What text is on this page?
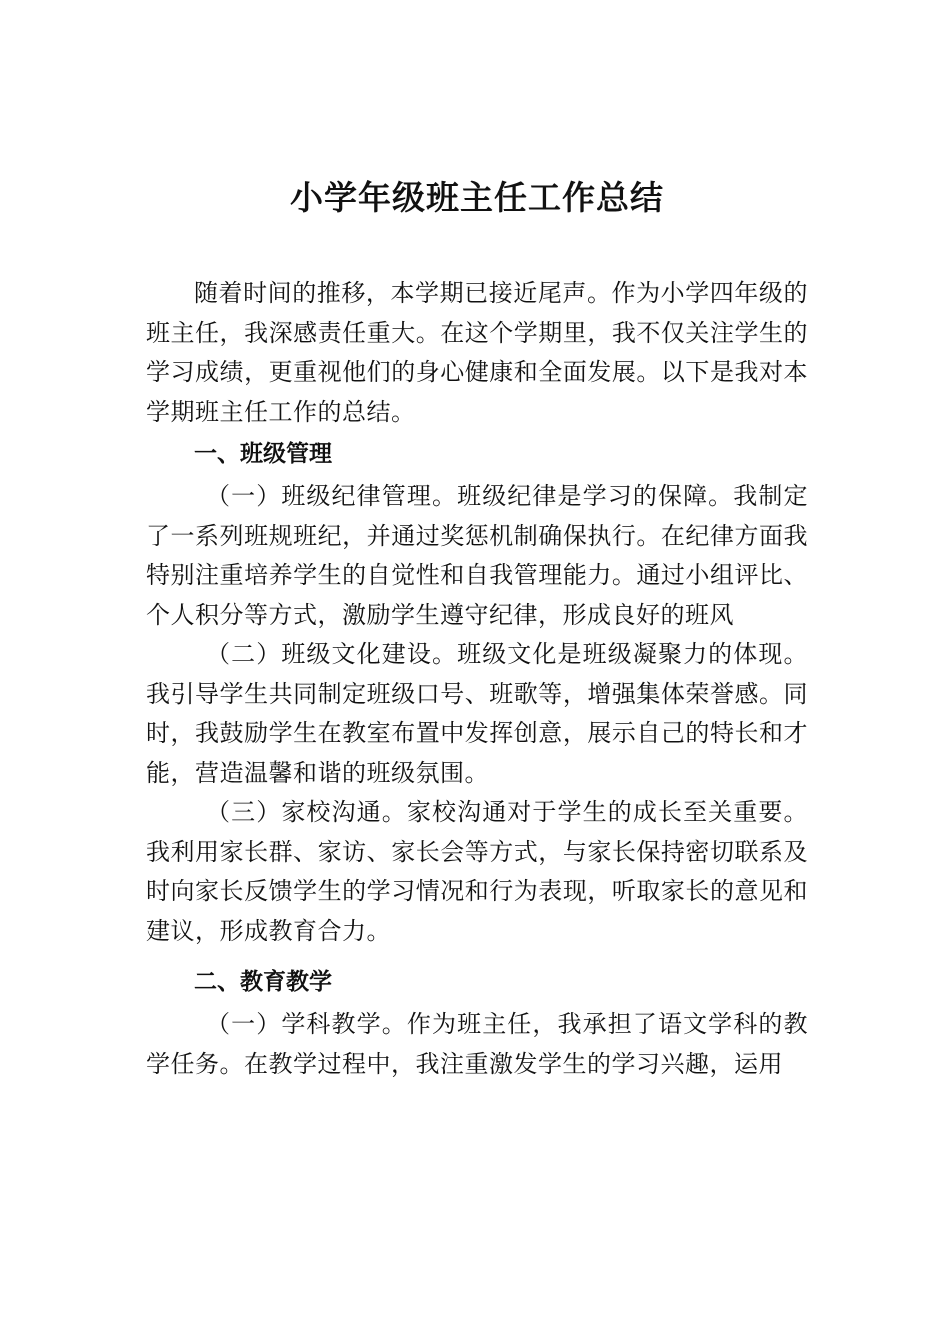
小学年级班主任工作总结

随着时间的推移，本学期已接近尾声。作为小学四年级的班主任，我深感责任重大。在这个学期里，我不仅关注学生的学习成绩，更重视他们的身心健康和全面发展。以下是我对本学期班主任工作的总结。

一、班级管理

（一）班级纪律管理。班级纪律是学习的保障。我制定了一系列班规班纪，并通过奖惩机制确保执行。在纪律方面我特别注重培养学生的自觉性和自我管理能力。通过小组评比、个人积分等方式，激励学生遵守纪律，形成良好的班风

（二）班级文化建设。班级文化是班级凝聚力的体现。我引导学生共同制定班级口号、班歌等，增强集体荣誉感。同时，我鼓励学生在教室布置中发挥创意，展示自己的特长和才能，营造温馨和谐的班级氛围。

（三）家校沟通。家校沟通对于学生的成长至关重要。我利用家长群、家访、家长会等方式，与家长保持密切联系及时向家长反馈学生的学习情况和行为表现，听取家长的意见和建议，形成教育合力。

二、教育教学

（一）学科教学。作为班主任，我承担了语文学科的教学任务。在教学过程中，我注重激发学生的学习兴趣，运用
